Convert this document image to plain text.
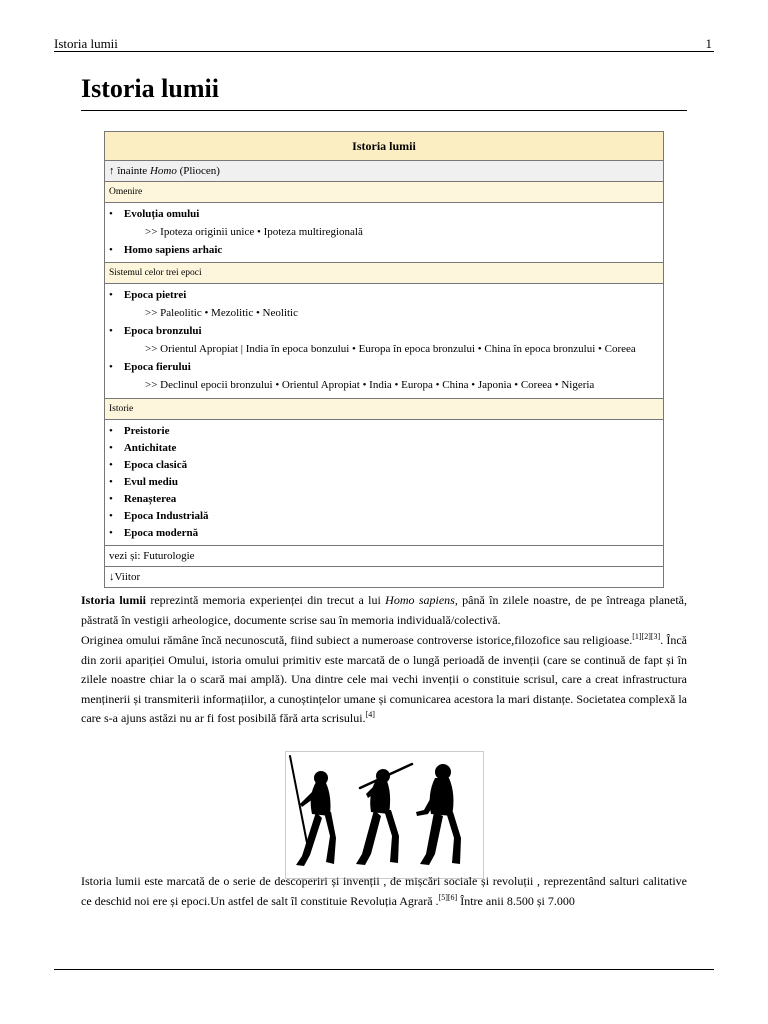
Istoria lumii	1
Istoria lumii
Istoria lumii
↑ înainte Homo (Pliocen)
Omenire

• Evoluția omului
>> Ipoteza originii unice • Ipoteza multiregională
• Homo sapiens arhaic

Sistemul celor trei epoci

• Epoca pietrei
>> Paleolitic • Mezolitic • Neolitic
• Epoca bronzului
>> Orientul Apropiat | India în epoca bonzului • Europa în epoca bronzului • China în epoca bronzului • Coreea
• Epoca fierului
>> Declinul epocii bronzului • Orientul Apropiat • India • Europa • China • Japonia • Coreea • Nigeria

Istorie

• Preistorie
• Antichitate
• Epoca clasică
• Evul mediu
• Renașterea
• Epoca Industrială
• Epoca modernă

vezi și: Futurologie
↓Viitor

Istoria lumii reprezintă memoria experienței din trecut a lui Homo sapiens, până în zilele noastre, de pe întreaga planetă, păstrată în vestigii arheologice, documente scrise sau în memoria individuală/colectivă.

Originea omului rămâne încă necunoscută, fiind subiect a numeroase controverse istorice,filozofice sau religioase.[1][2][3]. Încă din zorii apariției Omului, istoria omului primitiv este marcată de o lungă perioadă de invenții (care se continuă de fapt și în zilele noastre chiar la o scară mai amplă). Una dintre cele mai vechi invenții o constituie scrisul, care a creat infrastructura menținerii și transmiterii informațiilor, a cunoștințelor umane și comunicarea acestora la mari distanțe. Societatea complexă la care s-a ajuns astăzi nu ar fi fost posibilă fără arta scrisului.[4]

Istoria lumii este marcată de o serie de descoperiri și invenții , de mișcări sociale și revoluții , reprezentând salturi calitative ce deschid noi ere și epoci.Un astfel de salt îl constituie Revoluția Agrară .[5][6] Între anii 8.500 și 7.000
